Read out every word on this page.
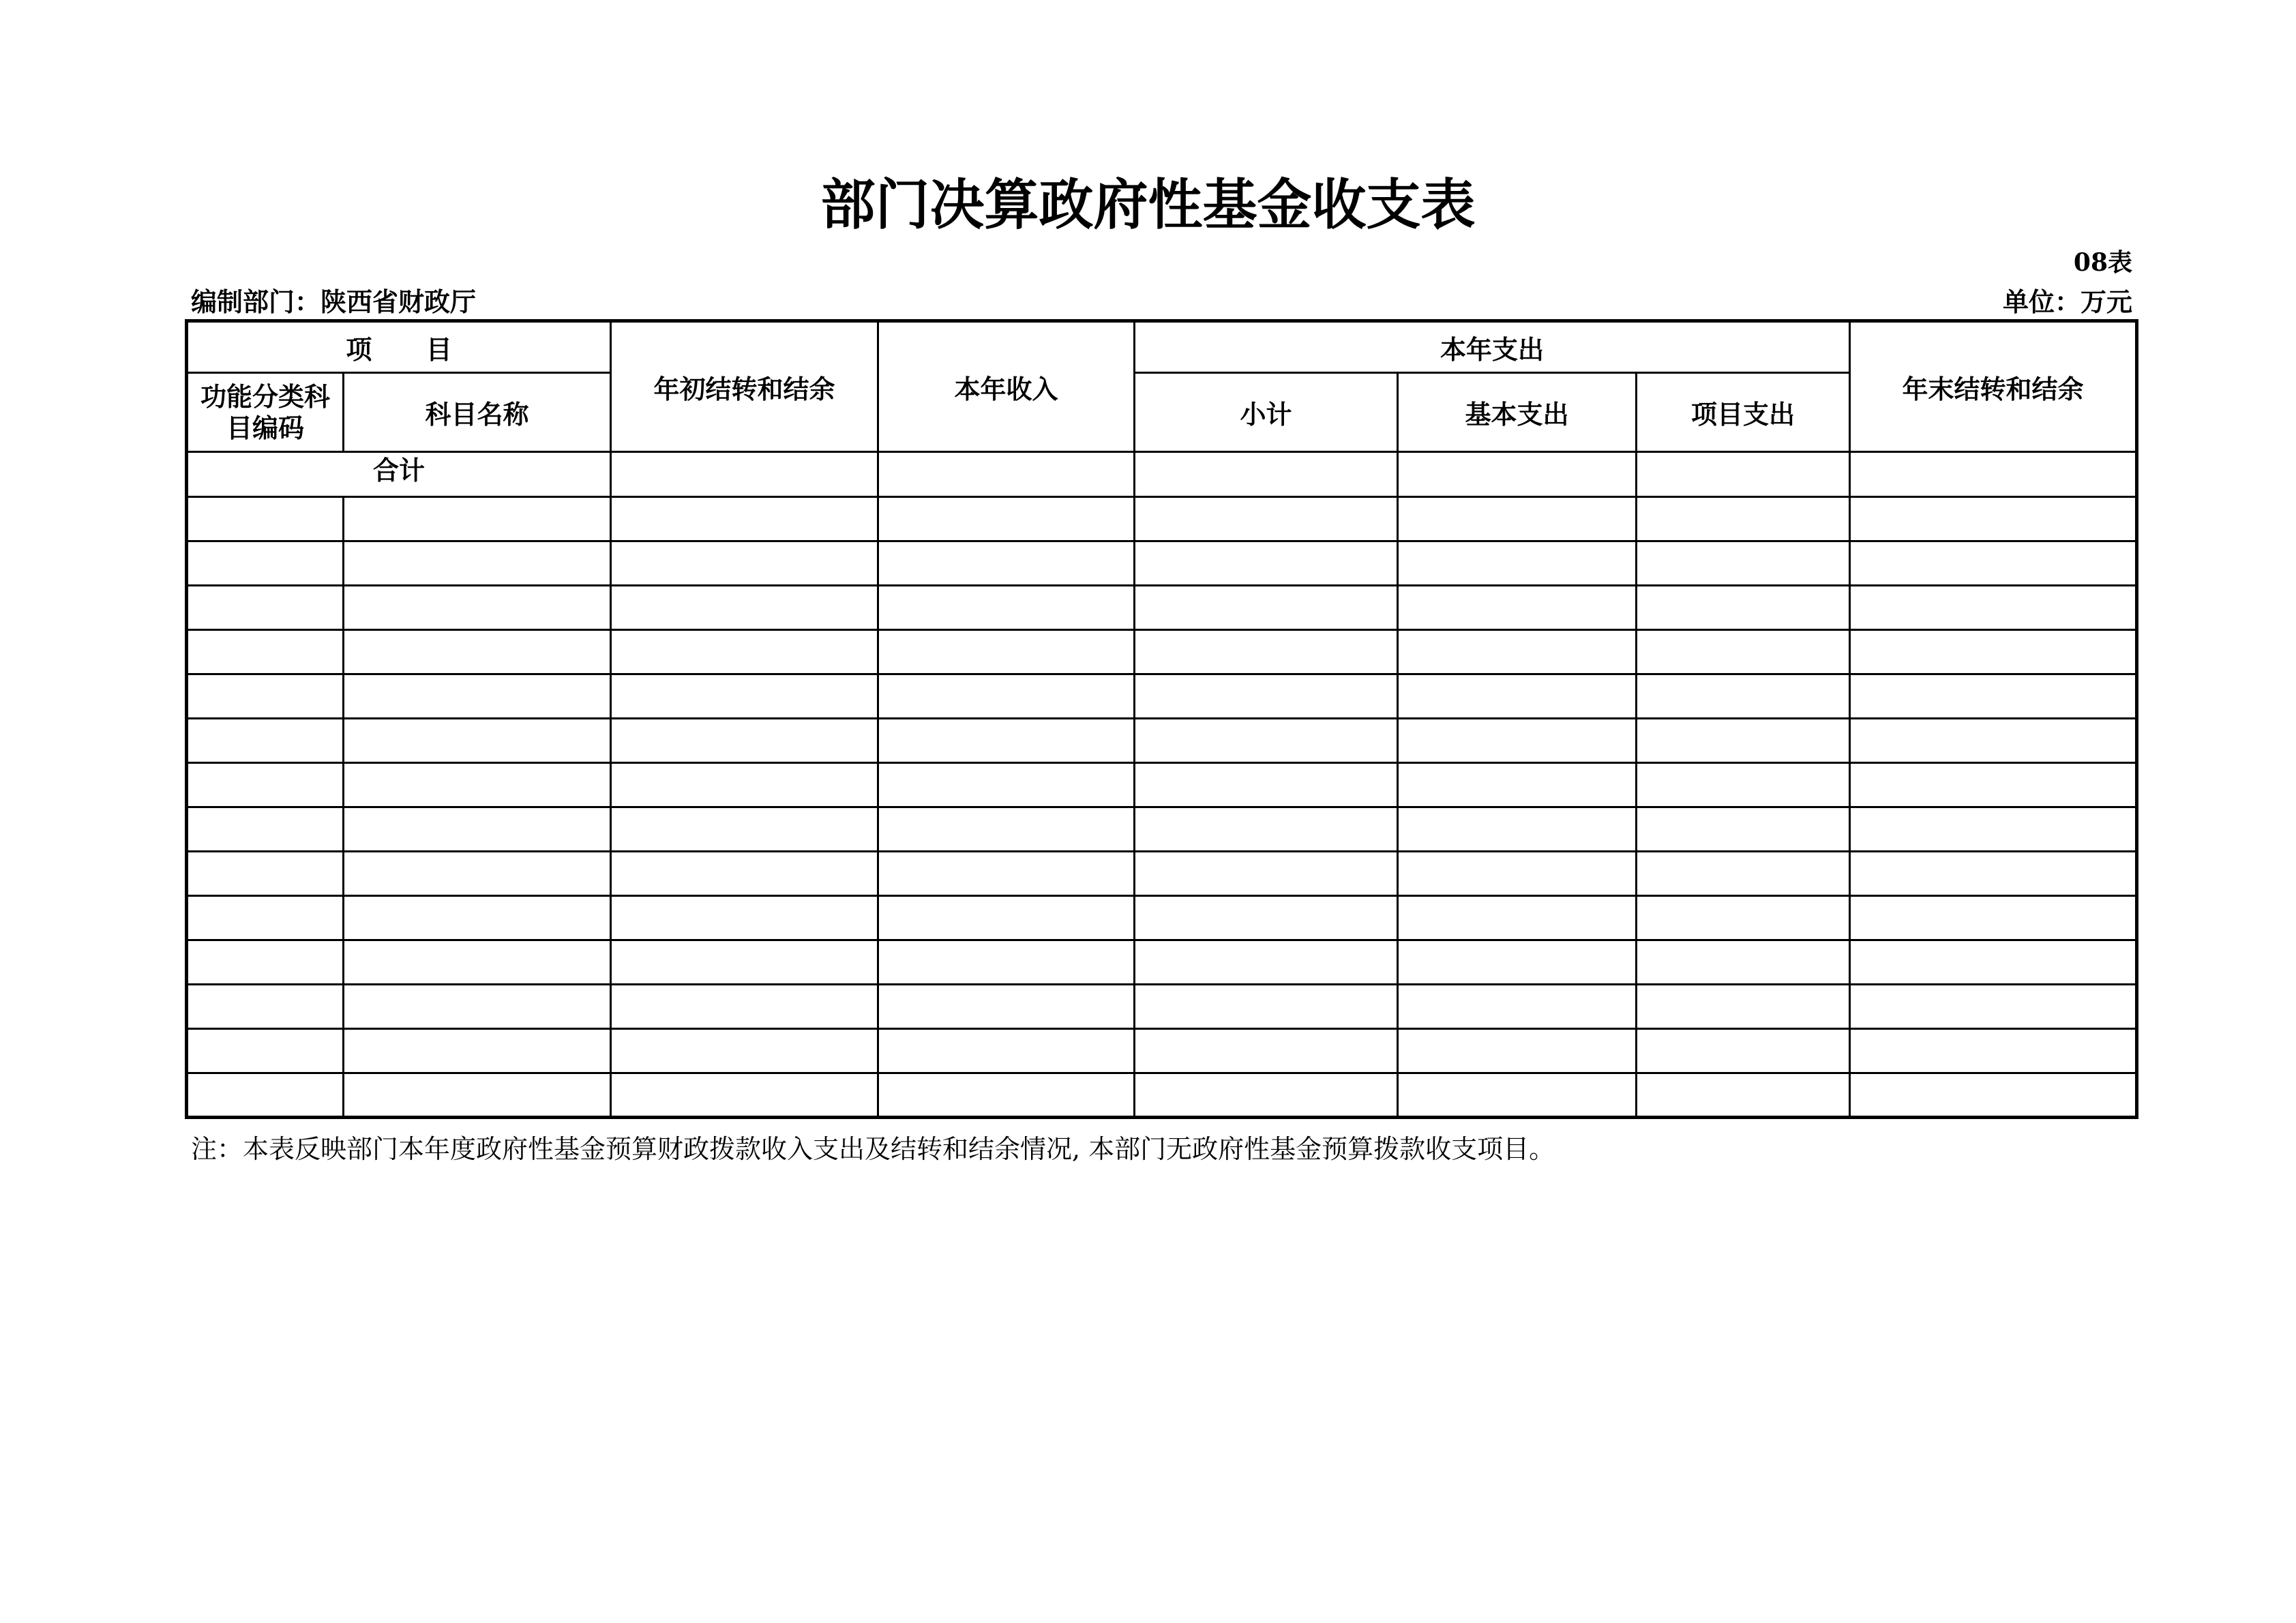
部门决算政府性基金收支表
08表
编制部门：陕西省财政厅	单位：万元
项      目		年初结转和结余	本年收入	本年支出			年末结转和结余
功能分类科目编码	科目名称			小计	基本支出	项目支出	
合计							

注：本表反映部门本年度政府性基金预算财政拨款收入支出及结转和结余情况, 本部门无政府性基金预算拨款收支项目。
